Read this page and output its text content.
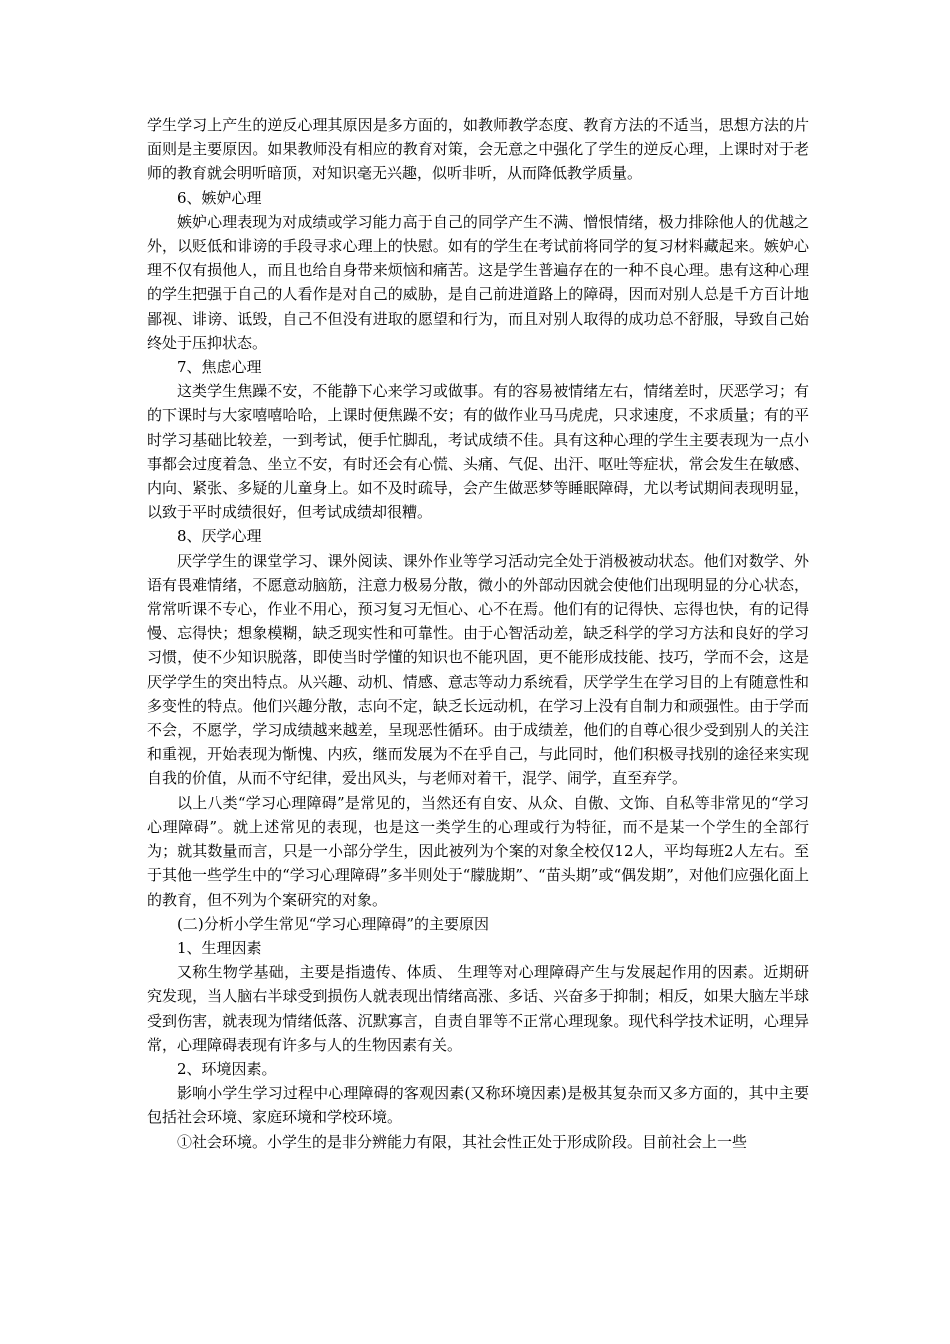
学生学习上产生的逆反心理其原因是多方面的，如教师教学态度、教育方法的不适当，思想方法的片面则是主要原因。如果教师没有相应的教育对策，会无意之中强化了学生的逆反心理，上课时对于老师的教育就会明听暗顶，对知识毫无兴趣，似听非听，从而降低教学质量。

6、嫉妒心理

嫉妒心理表现为对成绩或学习能力高于自己的同学产生不满、憎恨情绪，极力排除他人的优越之外，以贬低和诽谤的手段寻求心理上的快慰。如有的学生在考试前将同学的复习材料藏起来。嫉妒心理不仅有损他人，而且也给自身带来烦恼和痛苦。这是学生普遍存在的一种不良心理。患有这种心理的学生把强于自己的人看作是对自己的威胁，是自己前进道路上的障碍，因而对别人总是千方百计地鄙视、诽谤、诋毁，自己不但没有进取的愿望和行为，而且对别人取得的成功总不舒服，导致自己始终处于压抑状态。

7、焦虑心理

这类学生焦躁不安，不能静下心来学习或做事。有的容易被情绪左右，情绪差时，厌恶学习；有的下课时与大家嘻嘻哈哈，上课时便焦躁不安；有的做作业马马虎虎，只求速度，不求质量；有的平时学习基础比较差，一到考试，便手忙脚乱，考试成绩不佳。具有这种心理的学生主要表现为一点小事都会过度着急、坐立不安，有时还会有心慌、头痛、气促、出汗、呕吐等症状，常会发生在敏感、内向、紧张、多疑的儿童身上。如不及时疏导，会产生做恶梦等睡眠障碍，尤以考试期间表现明显，以致于平时成绩很好，但考试成绩却很糟。

8、厌学心理

厌学学生的课堂学习、课外阅读、课外作业等学习活动完全处于消极被动状态。他们对数学、外语有畏难情绪，不愿意动脑筋，注意力极易分散，微小的外部动因就会使他们出现明显的分心状态，常常听课不专心，作业不用心，预习复习无恒心、心不在焉。他们有的记得快、忘得也快，有的记得慢、忘得快；想象模糊，缺乏现实性和可靠性。由于心智活动差，缺乏科学的学习方法和良好的学习习惯，使不少知识脱落，即使当时学懂的知识也不能巩固，更不能形成技能、技巧，学而不会，这是厌学学生的突出特点。从兴趣、动机、情感、意志等动力系统看，厌学学生在学习目的上有随意性和多变性的特点。他们兴趣分散，志向不定，缺乏长远动机，在学习上没有自制力和顽强性。由于学而不会，不愿学，学习成绩越来越差，呈现恶性循环。由于成绩差，他们的自尊心很少受到别人的关注和重视，开始表现为惭愧、内疚，继而发展为不在乎自己，与此同时，他们积极寻找别的途径来实现自我的价值，从而不守纪律，爱出风头，与老师对着干，混学、闹学，直至弃学。

以上八类“学习心理障碍”是常见的，当然还有自安、从众、自傲、文饰、自私等非常见的“学习心理障碍”。就上述常见的表现，也是这一类学生的心理或行为特征，而不是某一个学生的全部行为；就其数量而言，只是一小部分学生，因此被列为个案的对象全校仅12人，平均每班2人左右。至于其他一些学生中的“学习心理障碍”多半则处于“朦胧期”、“苗头期”或“偶发期”，对他们应强化面上的教育，但不列为个案研究的对象。

(二)分析小学生常见“学习心理障碍”的主要原因

1、生理因素

又称生物学基础，主要是指遗传、体质、 生理等对心理障碍产生与发展起作用的因素。近期研究发现，当人脑右半球受到损伤人就表现出情绪高涨、多话、兴奋多于抑制；相反，如果大脑左半球受到伤害，就表现为情绪低落、沉默寡言，自责自罪等不正常心理现象。现代科学技术证明，心理异常，心理障碍表现有许多与人的生物因素有关。

2、环境因素。

影响小学生学习过程中心理障碍的客观因素(又称环境因素)是极其复杂而又多方面的，其中主要包括社会环境、家庭环境和学校环境。

①社会环境。小学生的是非分辨能力有限，其社会性正处于形成阶段。目前社会上一些
